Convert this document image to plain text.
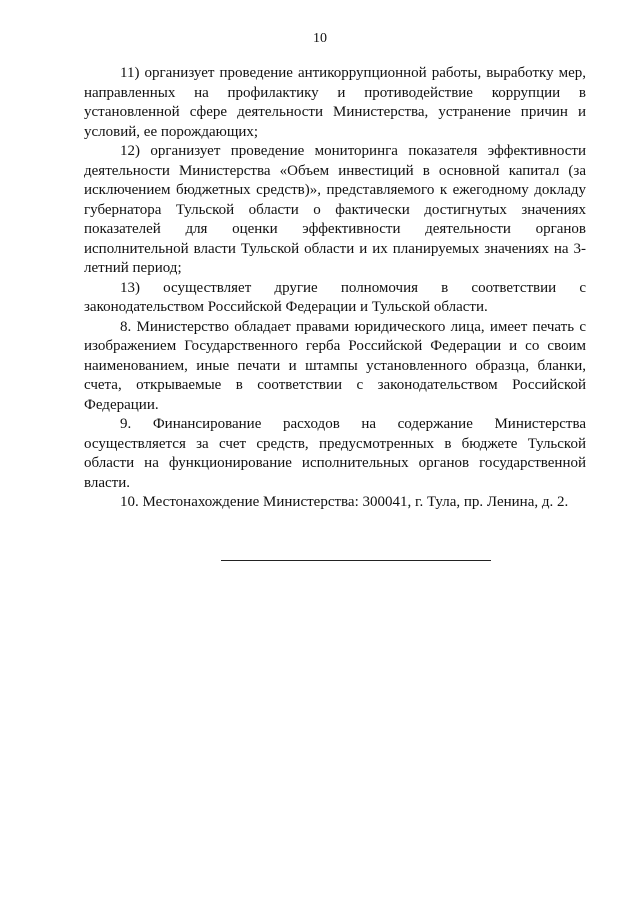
10

11) организует проведение антикоррупционной работы, выработку мер, направленных на профилактику и противодействие коррупции в установленной сфере деятельности Министерства, устранение причин и условий, ее порождающих;

12) организует проведение мониторинга показателя эффективности деятельности Министерства «Объем инвестиций в основной капитал (за исключением бюджетных средств)», представляемого к ежегодному докладу губернатора Тульской области о фактически достигнутых значениях показателей для оценки эффективности деятельности органов исполнительной власти Тульской области и их планируемых значениях на 3-летний период;

13) осуществляет другие полномочия в соответствии с законодательством Российской Федерации и Тульской области.

8. Министерство обладает правами юридического лица, имеет печать с изображением Государственного герба Российской Федерации и со своим наименованием, иные печати и штампы установленного образца, бланки, счета, открываемые в соответствии с законодательством Российской Федерации.

9. Финансирование расходов на содержание Министерства осуществляется за счет средств, предусмотренных в бюджете Тульской области на функционирование исполнительных органов государственной власти.

10. Местонахождение Министерства: 300041, г. Тула, пр. Ленина, д. 2.
